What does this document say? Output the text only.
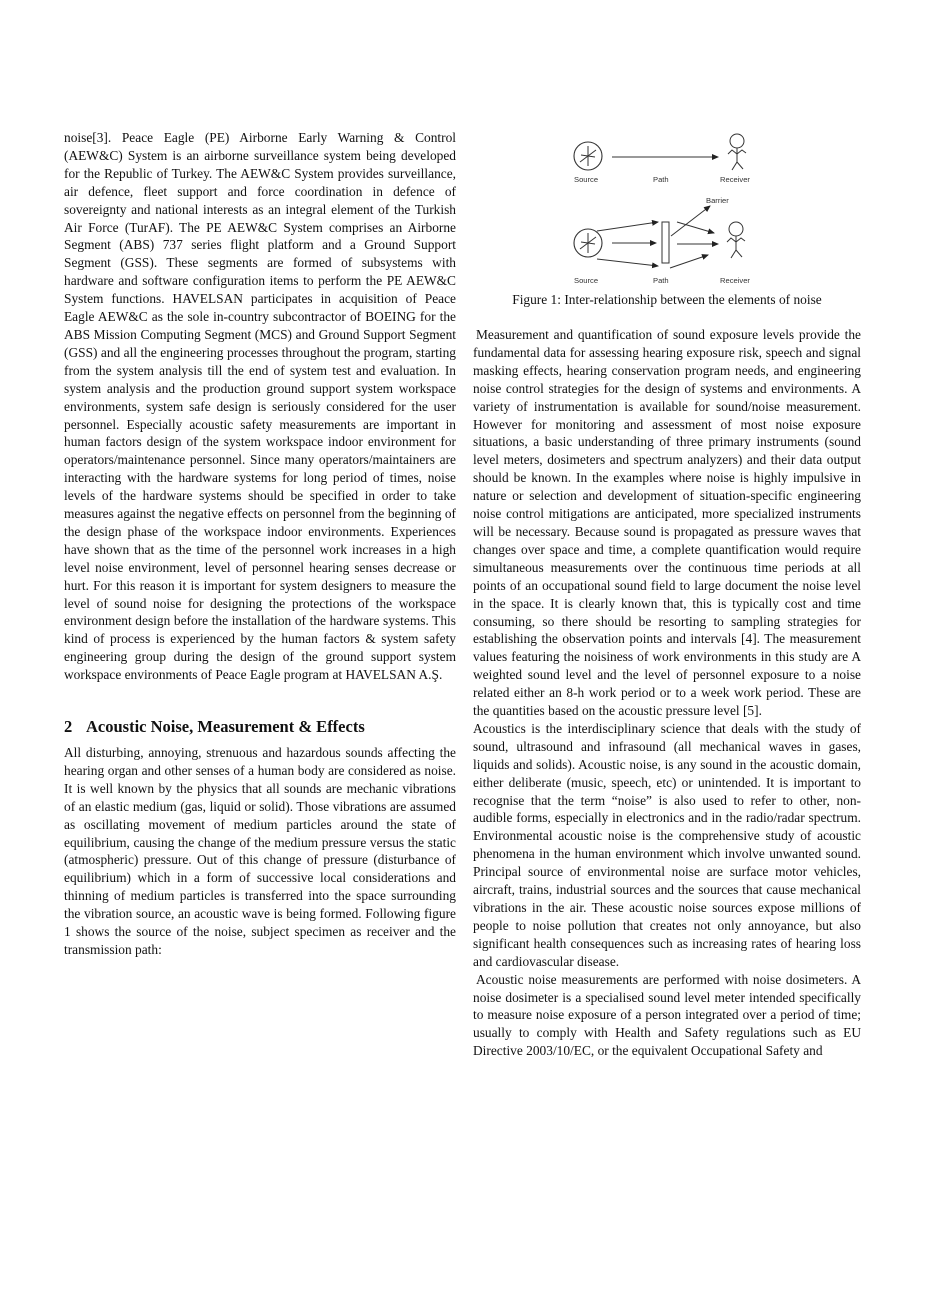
noise[3]. Peace Eagle (PE) Airborne Early Warning & Control (AEW&C) System is an airborne surveillance system being developed for the Republic of Turkey. The AEW&C System provides surveillance, air defence, fleet support and force coordination in defence of sovereignty and national interests as an integral element of the Turkish Air Force (TurAF). The PE AEW&C System comprises an Airborne Segment (ABS) 737 series flight platform and a Ground Support Segment (GSS). These segments are formed of subsystems with hardware and software configuration items to perform the PE AEW&C System functions. HAVELSAN participates in acquisition of Peace Eagle AEW&C as the sole in-country subcontractor of BOEING for the ABS Mission Computing Segment (MCS) and Ground Support Segment (GSS) and all the engineering processes throughout the program, starting from the system analysis till the end of system test and evaluation. In system analysis and the production ground support system workspace environments, system safe design is seriously considered for the user personnel. Especially acoustic safety measurements are important in human factors design of the system workspace indoor environment for operators/maintenance personnel. Since many operators/maintainers are interacting with the hardware systems for long period of times, noise levels of the hardware systems should be specified in order to take measures against the negative effects on personnel from the beginning of the design phase of the workspace indoor environments. Experiences have shown that as the time of the personnel work increases in a high level noise environment, level of personnel hearing senses decrease or hurt. For this reason it is important for system designers to measure the level of sound noise for designing the protections of the workspace environment design before the installation of the hardware systems. This kind of process is experienced by the human factors & system safety engineering group during the design of the ground support system workspace environments of Peace Eagle program at HAVELSAN A.Ş.

2 Acoustic Noise, Measurement & Effects

All disturbing, annoying, strenuous and hazardous sounds affecting the hearing organ and other senses of a human body are considered as noise. It is well known by the physics that all sounds are mechanic vibrations of an elastic medium (gas, liquid or solid). Those vibrations are assumed as oscillating movement of medium particles around the state of equilibrium, causing the change of the medium pressure versus the static (atmospheric) pressure. Out of this change of pressure (disturbance of equilibrium) which in a form of successive local considerations and thinning of medium particles is transferred into the space surrounding the vibration source, an acoustic wave is being formed. Following figure 1 shows the source of the noise, subject specimen as receiver and the transmission path:

Source	Path	Receiver
Barrier
Source	Path	Receiver
Figure 1: Inter-relationship between the elements of noise

Measurement and quantification of sound exposure levels provide the fundamental data for assessing hearing exposure risk, speech and signal masking effects, hearing conservation program needs, and engineering noise control strategies for the design of systems and environments. A variety of instrumentation is available for sound/noise measurement. However for monitoring and assessment of most noise exposure situations, a basic understanding of three primary instruments (sound level meters, dosimeters and spectrum analyzers) and their data output should be known. In the examples where noise is highly impulsive in nature or selection and development of situation-specific engineering noise control mitigations are anticipated, more specialized instruments will be necessary. Because sound is propagated as pressure waves that changes over space and time, a complete quantification would require simultaneous measurements over the continuous time periods at all points of an occupational sound field to large document the noise level in the space. It is clearly known that, this is typically cost and time consuming, so there should be resorting to sampling strategies for establishing the observation points and intervals [4]. The measurement values featuring the noisiness of work environments in this study are A weighted sound level and the level of personnel exposure to a noise related either an 8-h work period or to a week work period. These are the quantities based on the acoustic pressure level [5].

Acoustics is the interdisciplinary science that deals with the study of sound, ultrasound and infrasound (all mechanical waves in gases, liquids and solids). Acoustic noise, is any sound in the acoustic domain, either deliberate (music, speech, etc) or unintended. It is important to recognise that the term “noise” is also used to refer to other, non-audible forms, especially in electronics and in the radio/radar spectrum. Environmental acoustic noise is the comprehensive study of acoustic phenomena in the human environment which involve unwanted sound. Principal source of environmental noise are surface motor vehicles, aircraft, trains, industrial sources and the sources that cause mechanical vibrations in the air. These acoustic noise sources expose millions of people to noise pollution that creates not only annoyance, but also significant health consequences such as increasing rates of hearing loss and cardiovascular disease.

Acoustic noise measurements are performed with noise dosimeters. A noise dosimeter is a specialised sound level meter intended specifically to measure noise exposure of a person integrated over a period of time; usually to comply with Health and Safety regulations such as EU Directive 2003/10/EC, or the equivalent Occupational Safety and
